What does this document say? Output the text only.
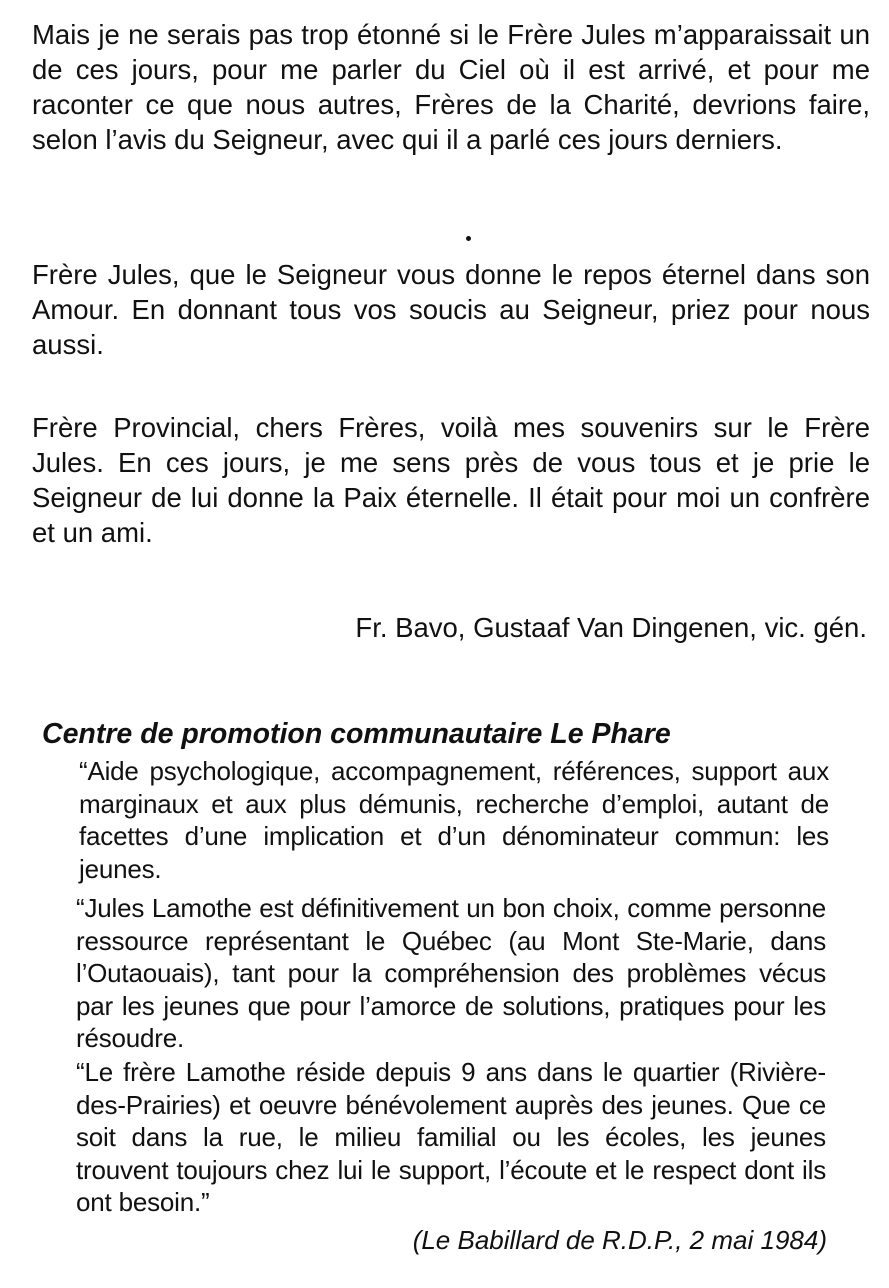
Mais je ne serais pas trop étonné si le Frère Jules m’apparaissait un de ces jours, pour me parler du Ciel où il est arrivé, et pour me raconter ce que nous autres, Frères de la Charité, devrions faire, selon l’avis du Seigneur, avec qui il a parlé ces jours derniers.

Frère Jules, que le Seigneur vous donne le repos éternel dans son Amour. En donnant tous vos soucis au Seigneur, priez pour nous aussi.

Frère Provincial, chers Frères, voilà mes souvenirs sur le Frère Jules. En ces jours, je me sens près de vous tous et je prie le Seigneur de lui donne la Paix éternelle. Il était pour moi un confrère et un ami.

Fr. Bavo, Gustaaf Van Dingenen, vic. gén.

Centre de promotion communautaire Le Phare

“Aide psychologique, accompagnement, références, support aux marginaux et aux plus démunis, recherche d’emploi, autant de facettes d’une implication et d’un dénominateur commun: les jeunes.

“Jules Lamothe est définitivement un bon choix, comme personne ressource représentant le Québec (au Mont Ste-Marie, dans l’Outaouais), tant pour la compréhension des problèmes vécus par les jeunes que pour l’amorce de solutions, pratiques pour les résoudre.

“Le frère Lamothe réside depuis 9 ans dans le quartier (Rivière-des-Prairies) et oeuvre bénévolement auprès des jeunes. Que ce soit dans la rue, le milieu familial ou les écoles, les jeunes trouvent toujours chez lui le support, l’écoute et le respect dont ils ont besoin.”

(Le Babillard de R.D.P., 2 mai 1984)
